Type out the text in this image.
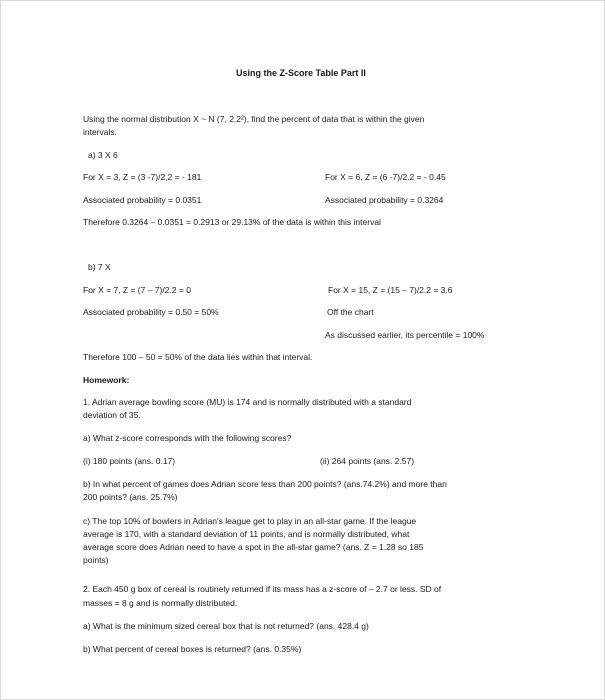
Using the Z-Score Table Part II
Using the normal distribution X ~ N (7, 2.2²), find the percent of data that is within the given
intervals.
a) 3 X 6
For X = 3, Z = (3 -7)/2,2 = - 181	For X = 6, Z = (6 -7)/2.2 = - 0.45
Associated probability = 0.0351	Associated probability = 0.3264
Therefore 0.3264 – 0.0351 = 0.2913 or 29.13% of the data is within this interval
b) 7 X
For X = 7, Z = (7 – 7)/2.2 = 0	For X = 15, Z = (15 – 7)/2.2 = 3.6
Associated probability = 0.50 = 50%	Off the chart
As discussed earlier, its percentile = 100%
Therefore 100 – 50 = 50% of the data lies within that interval.
Homework:
1. Adrian average bowling score (MU) is 174 and is normally distributed with a standard
deviation of 35.
a) What z-score corresponds with the following scores?
(i) 180 points (ans. 0.17)	(ii) 264 points (ans. 2.57)
b) In what percent of games does Adrian score less than 200 points? (ans.74.2%) and more than
200 points? (ans. 25.7%)
c) The top 10% of bowlers in Adrian's league get to play in an all-star game. If the league
average is 170, with a standard deviation of 11 points, and is normally distributed, what
average score does Adrian need to have a spot in the all-star game? (ans. Z = 1.28 so 185
points)
2. Each 450 g box of cereal is routinely returned if its mass has a z-score of – 2.7 or less. SD of
masses = 8 g and is normally distributed.
a) What is the minimum sized cereal box that is not returned? (ans. 428.4 g)
b) What percent of cereal boxes is returned? (ans. 0.35%)
